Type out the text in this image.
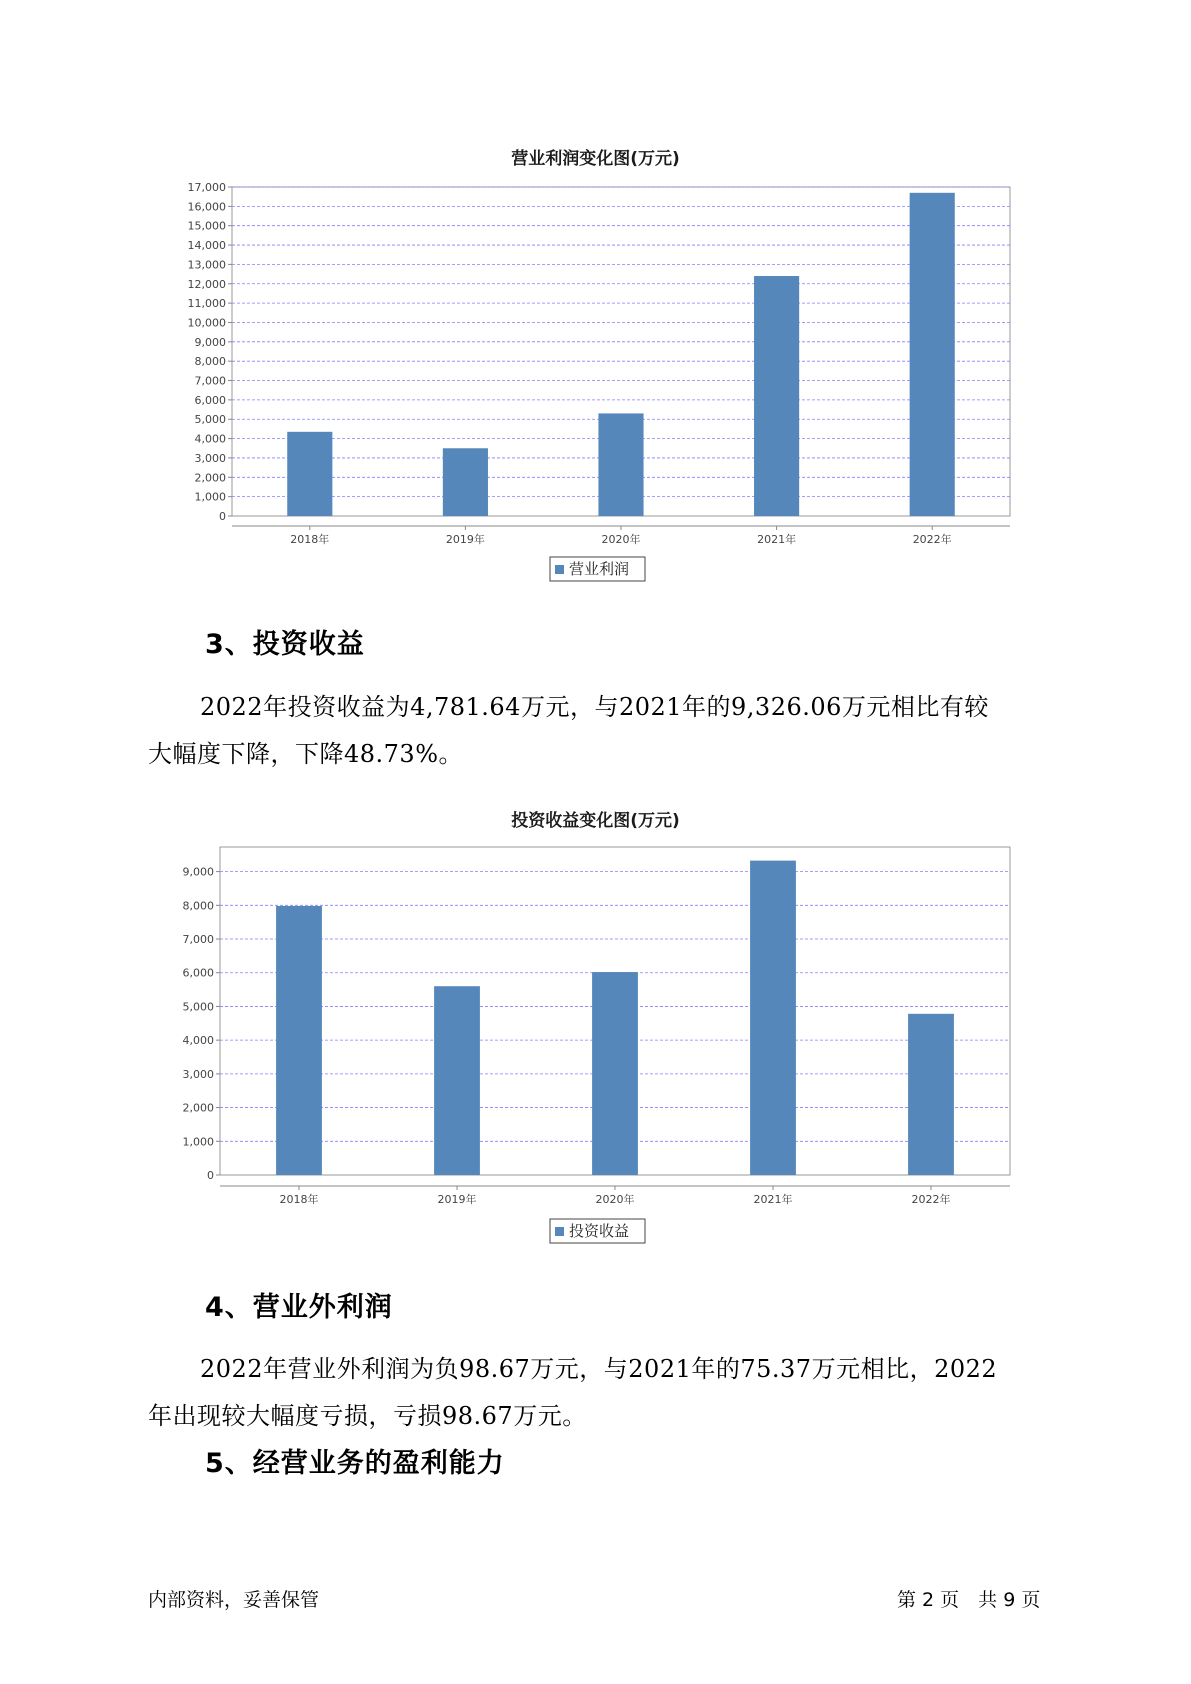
营业利润变化图(万元)
0
1,000
2,000
3,000
4,000
5,000
6,000
7,000
8,000
9,000
10,000
11,000
12,000
13,000
14,000
15,000
16,000
17,000
2018年	2019年	2020年	2021年	2022年
营业利润
3、投资收益
2022年投资收益为4,781.64万元，与2021年的9,326.06万元相比有较
大幅度下降，下降48.73%。
投资收益变化图(万元)
0
1,000
2,000
3,000
4,000
5,000
6,000
7,000
8,000
9,000
2018年	2019年	2020年	2021年	2022年
投资收益
4、营业外利润
2022年营业外利润为负98.67万元，与2021年的75.37万元相比，2022
年出现较大幅度亏损，亏损98.67万元。
5、经营业务的盈利能力
内部资料，妥善保管	第 2 页　共 9 页
